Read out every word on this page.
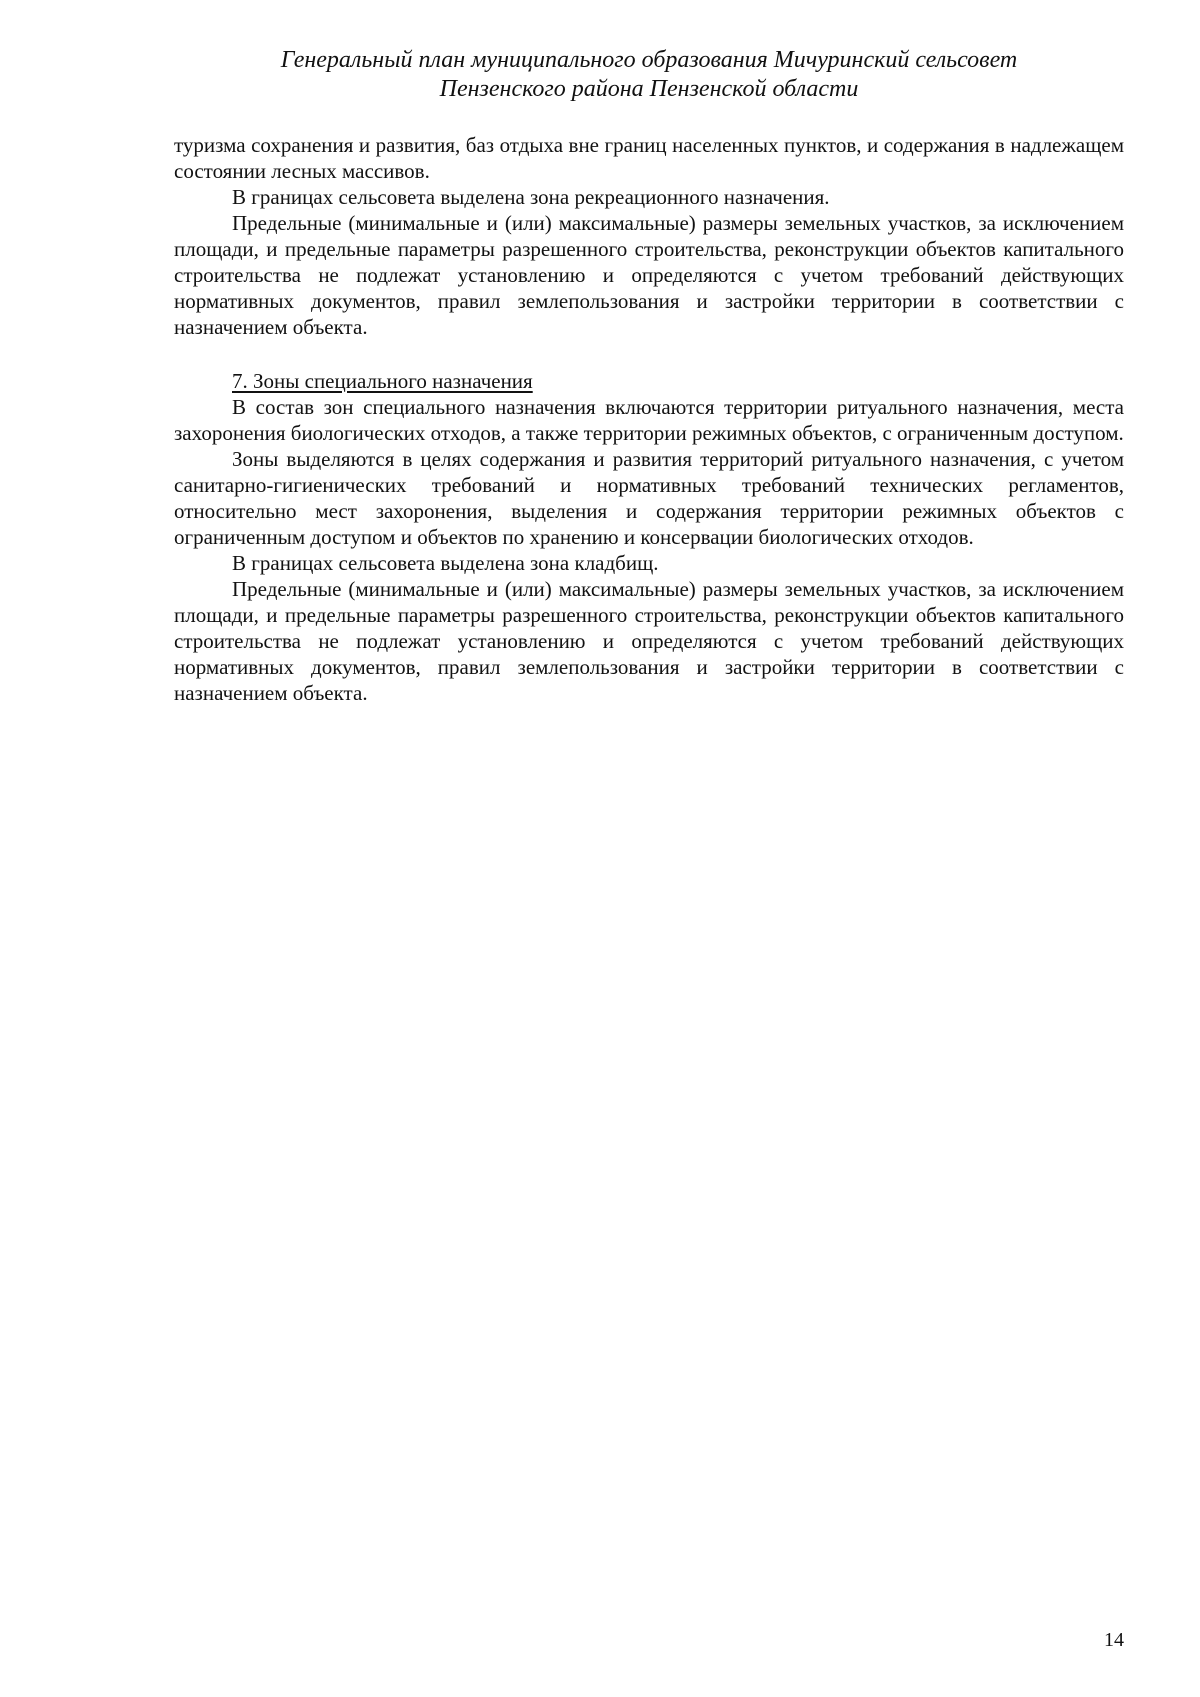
Генеральный план муниципального образования Мичуринский сельсовет
Пензенского района Пензенской области

туризма сохранения и развития, баз отдыха вне границ населенных пунктов, и содержания в надлежащем состоянии лесных массивов.

В границах сельсовета выделена зона рекреационного назначения.

Предельные (минимальные и (или) максимальные) размеры земельных участков, за исключением площади, и предельные параметры разрешенного строительства, реконструкции объектов капитального строительства не подлежат установлению и определяются с учетом требований действующих нормативных документов, правил землепользования и застройки территории в соответствии с назначением объекта.

7. Зоны специального назначения

В состав зон специального назначения включаются территории ритуального назначения, места захоронения биологических отходов, а также территории режимных объектов, с ограниченным доступом.

Зоны выделяются в целях содержания и развития территорий ритуального назначения, с учетом санитарно-гигиенических требований и нормативных требований технических регламентов, относительно мест захоронения, выделения и содержания территории режимных объектов с ограниченным доступом и объектов по хранению и консервации биологических отходов.

В границах сельсовета выделена зона кладбищ.

Предельные (минимальные и (или) максимальные) размеры земельных участков, за исключением площади, и предельные параметры разрешенного строительства, реконструкции объектов капитального строительства не подлежат установлению и определяются с учетом требований действующих нормативных документов, правил землепользования и застройки территории в соответствии с назначением объекта.

14
